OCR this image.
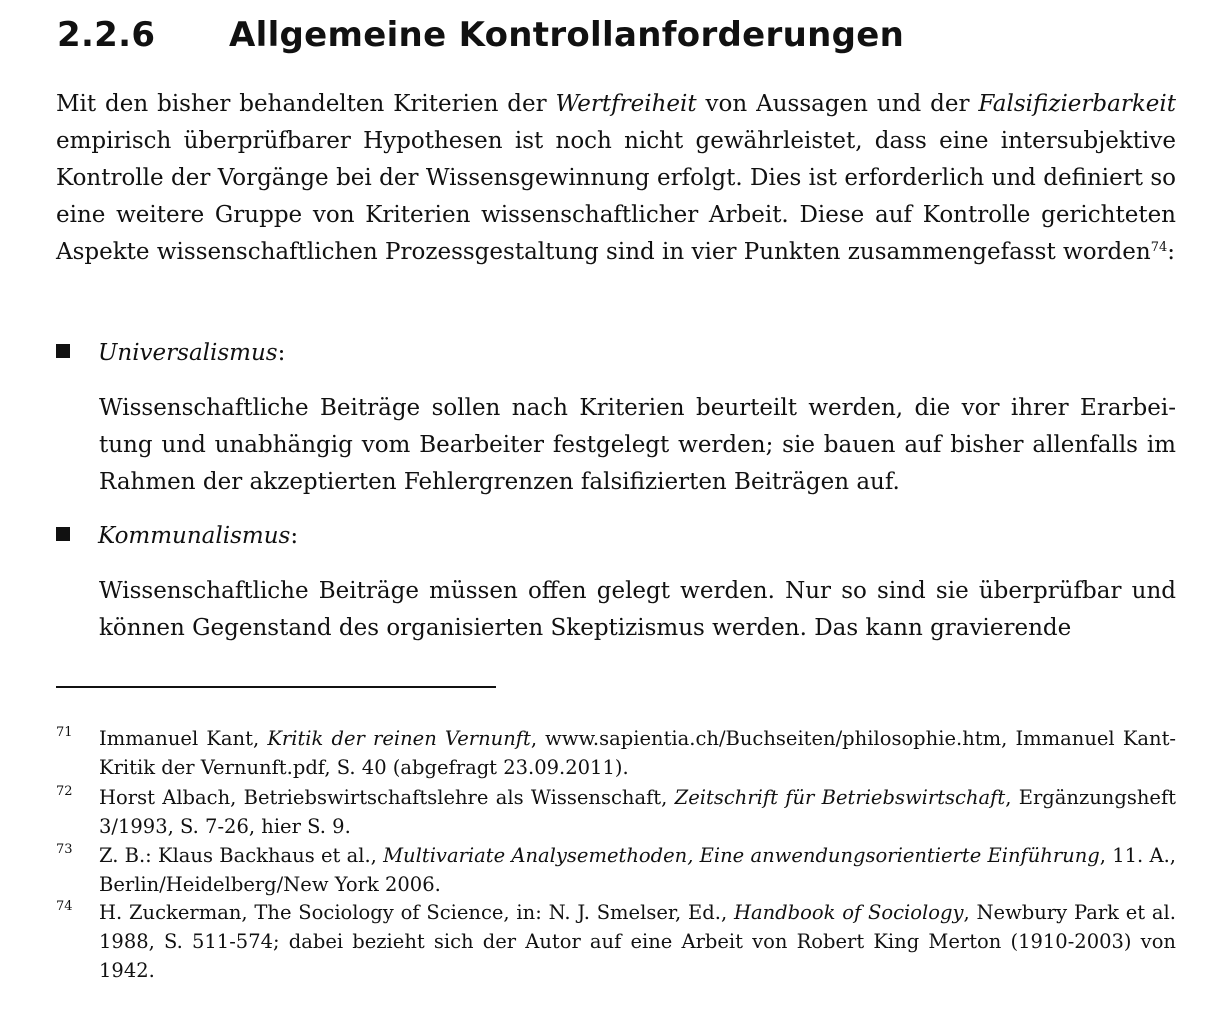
2.2.6 Allgemeine Kontrollanforderungen
Mit den bisher behandelten Kriterien der Wertfreiheit von Aussagen und der Falsifizierbarkeit empirisch überprüfbarer Hypothesen ist noch nicht gewährleistet, dass eine intersubjektive Kontrolle der Vorgänge bei der Wissensgewinnung erfolgt. Dies ist erforderlich und definiert so eine weitere Gruppe von Kriterien wissenschaftlicher Arbeit. Diese auf Kontrolle gerichteten Aspekte wissenschaftlichen Prozessgestaltung sind in vier Punkten zusammengefasst worden$^{74}$:
Universalismus:
Wissenschaftliche Beiträge sollen nach Kriterien beurteilt werden, die vor ihrer Erarbeitung und unabhängig vom Bearbeiter festgelegt werden; sie bauen auf bisher allenfalls im Rahmen der akzeptierten Fehlergrenzen falsifizierten Beiträgen auf.
Kommunalismus:
Wissenschaftliche Beiträge müssen offen gelegt werden. Nur so sind sie überprüfbar und können Gegenstand des organisierten Skeptizismus werden. Das kann gravierende
71 Immanuel Kant, Kritik der reinen Vernunft, www.sapientia.ch/Buchseiten/philosophie.htm, Immanuel Kant-Kritik der Vernunft.pdf, S. 40 (abgefragt 23.09.2011).
72 Horst Albach, Betriebswirtschaftslehre als Wissenschaft, Zeitschrift für Betriebswirtschaft, Ergänzungsheft 3/1993, S. 7-26, hier S. 9.
73 Z. B.: Klaus Backhaus et al., Multivariate Analysemethoden, Eine anwendungsorientierte Einführung, 11. A., Berlin/Heidelberg/New York 2006.
74 H. Zuckerman, The Sociology of Science, in: N. J. Smelser, Ed., Handbook of Sociology, Newbury Park et al. 1988, S. 511-574; dabei bezieht sich der Autor auf eine Arbeit von Robert King Merton (1910-2003) von 1942.
